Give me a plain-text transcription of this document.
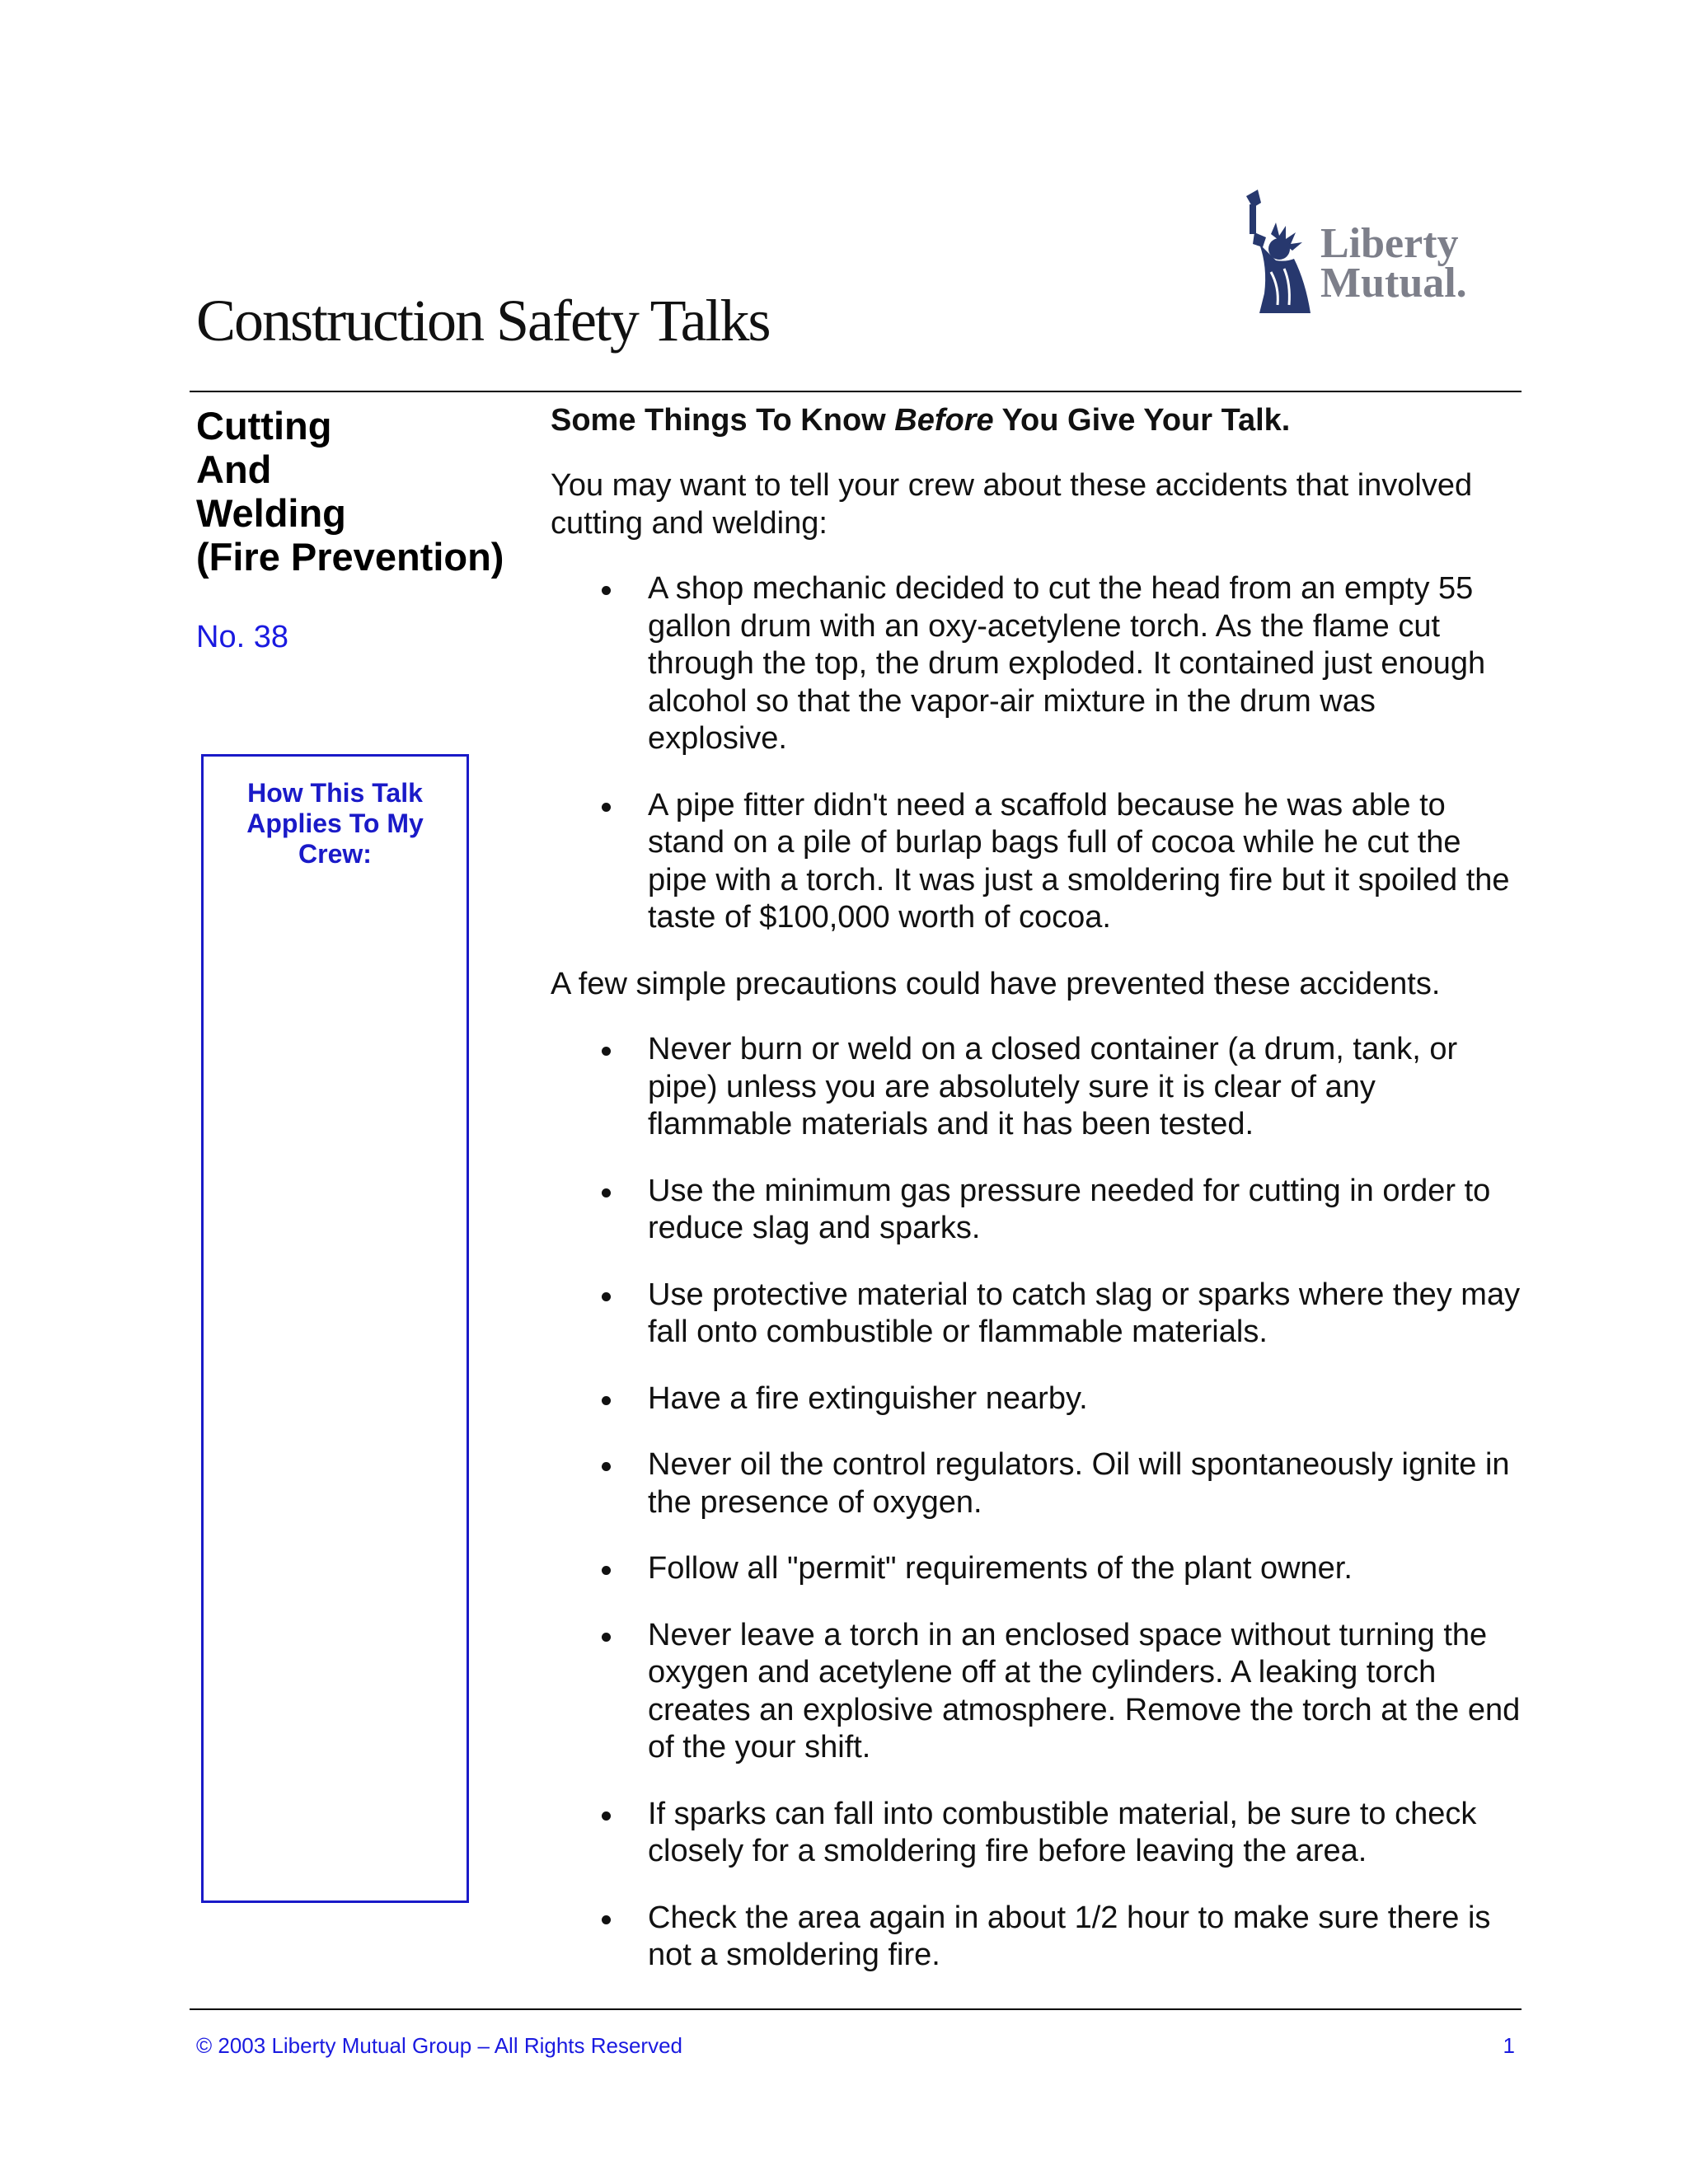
Construction Safety Talks
Liberty
Mutual.
Cutting
And
Welding
(Fire Prevention)
No. 38
How This Talk Applies To My Crew:
Some Things To Know Before You Give Your Talk.

You may want to tell your crew about these accidents that involved cutting and welding:

A shop mechanic decided to cut the head from an empty 55 gallon drum with an oxy-acetylene torch. As the flame cut through the top, the drum exploded. It contained just enough alcohol so that the vapor-air mixture in the drum was explosive.
A pipe fitter didn't need a scaffold because he was able to stand on a pile of burlap bags full of cocoa while he cut the pipe with a torch. It was just a smoldering fire but it spoiled the taste of $100,000 worth of cocoa.

A few simple precautions could have prevented these accidents.

Never burn or weld on a closed container (a drum, tank, or pipe) unless you are absolutely sure it is clear of any flammable materials and it has been tested.
Use the minimum gas pressure needed for cutting in order to reduce slag and sparks.
Use protective material to catch slag or sparks where they may fall onto combustible or flammable materials.
Have a fire extinguisher nearby.
Never oil the control regulators. Oil will spontaneously ignite in the presence of oxygen.
Follow all "permit" requirements of the plant owner.
Never leave a torch in an enclosed space without turning the oxygen and acetylene off at the cylinders. A leaking torch creates an explosive atmosphere. Remove the torch at the end of the your shift.
If sparks can fall into combustible material, be sure to check closely for a smoldering fire before leaving the area.
Check the area again in about 1/2 hour to make sure there is not a smoldering fire.
© 2003 Liberty Mutual Group – All Rights Reserved	1
